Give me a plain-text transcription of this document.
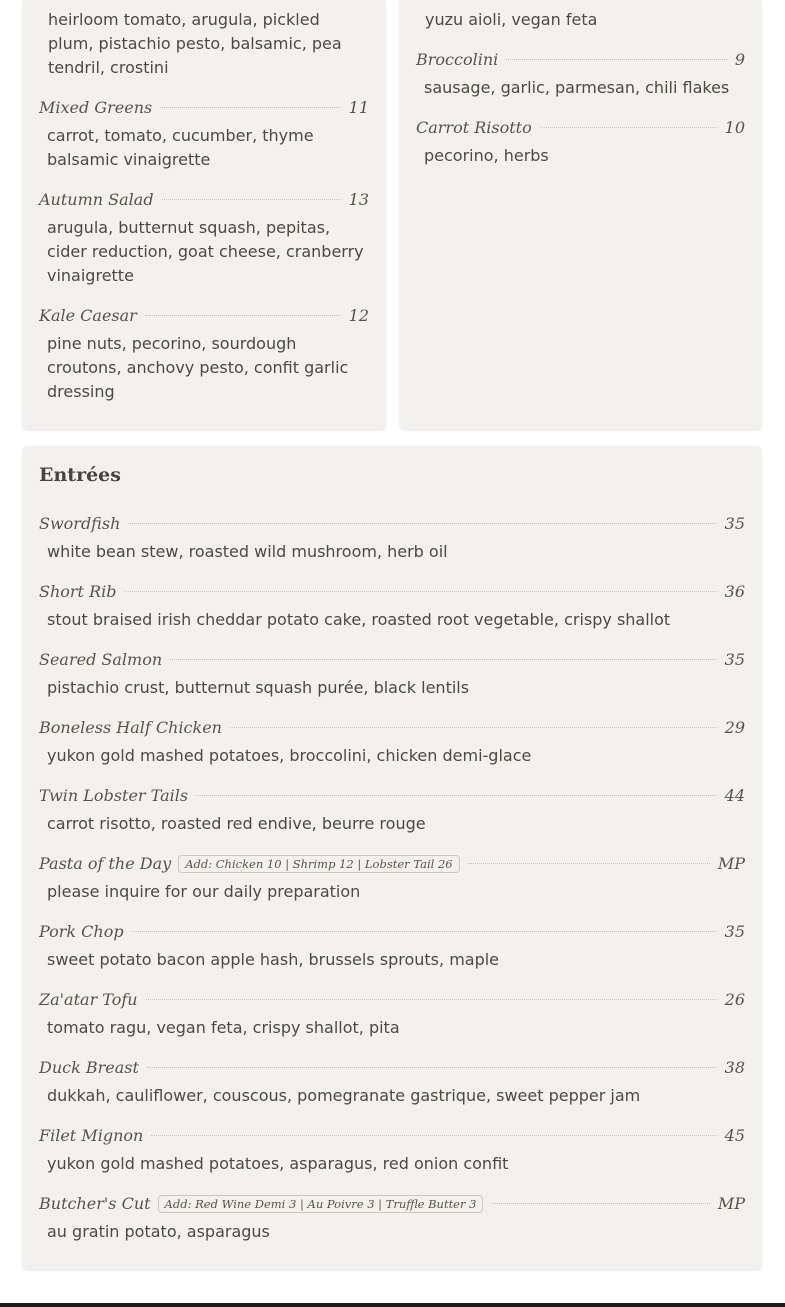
heirloom tomato, arugula, pickled plum, pistachio pesto, balsamic, pea tendril, crostini

Mixed Greens	11

carrot, tomato, cucumber, thyme balsamic vinaigrette

Autumn Salad	13

arugula, butternut squash, pepitas, cider reduction, goat cheese, cranberry vinaigrette

Kale Caesar	12

pine nuts, pecorino, sourdough croutons, anchovy pesto, confit garlic dressing

yuzu aioli, vegan feta

Broccolini	9

sausage, garlic, parmesan, chili flakes

Carrot Risotto	10

pecorino, herbs

Entrées
Swordfish	35

white bean stew, roasted wild mushroom, herb oil

Short Rib	36

stout braised irish cheddar potato cake, roasted root vegetable, crispy shallot

Seared Salmon	35

pistachio crust, butternut squash purée, black lentils

Boneless Half Chicken	29

yukon gold mashed potatoes, broccolini, chicken demi-glace

Twin Lobster Tails	44

carrot risotto, roasted red endive, beurre rouge

Pasta of the Day	Add: Chicken 10 | Shrimp 12 | Lobster Tail 26	MP

please inquire for our daily preparation

Pork Chop	35

sweet potato bacon apple hash, brussels sprouts, maple

Za'atar Tofu	26

tomato ragu, vegan feta, crispy shallot, pita

Duck Breast	38

dukkah, cauliflower, couscous, pomegranate gastrique, sweet pepper jam

Filet Mignon	45

yukon gold mashed potatoes, asparagus, red onion confit

Butcher's Cut	Add: Red Wine Demi 3 | Au Poivre 3 | Truffle Butter 3	MP

au gratin potato, asparagus
